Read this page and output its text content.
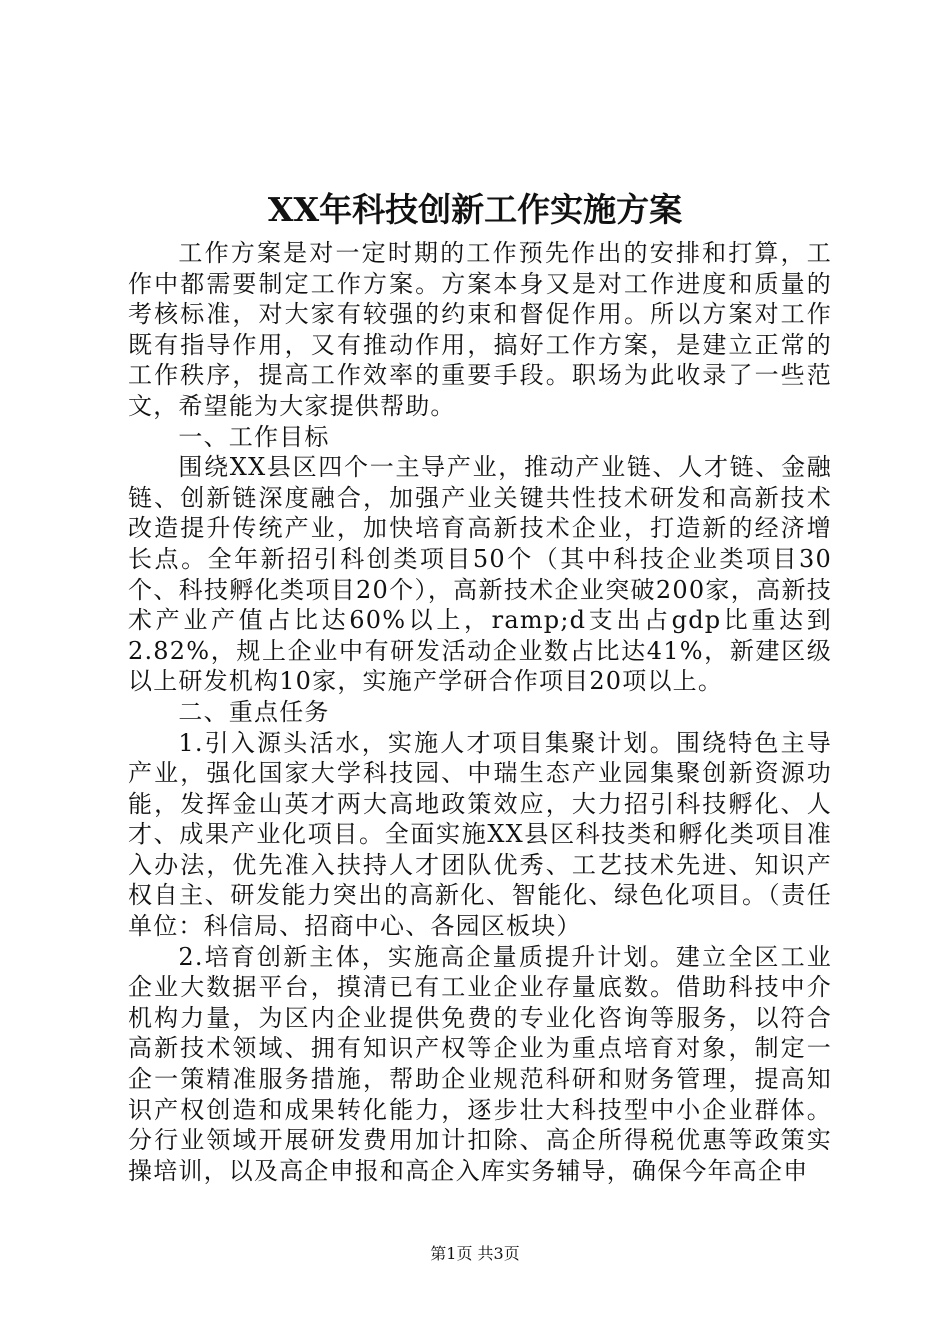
XX年科技创新工作实施方案

工作方案是对一定时期的工作预先作出的安排和打算，工作中都需要制定工作方案。方案本身又是对工作进度和质量的考核标准，对大家有较强的约束和督促作用。所以方案对工作既有指导作用，又有推动作用，搞好工作方案，是建立正常的工作秩序，提高工作效率的重要手段。职场为此收录了一些范文，希望能为大家提供帮助。

一、工作目标

围绕XX县区四个一主导产业，推动产业链、人才链、金融链、创新链深度融合，加强产业关键共性技术研发和高新技术改造提升传统产业，加快培育高新技术企业，打造新的经济增长点。全年新招引科创类项目50个（其中科技企业类项目30个、科技孵化类项目20个），高新技术企业突破200家，高新技术产业产值占比达60%以上，ramp;d支出占gdp比重达到2.82%，规上企业中有研发活动企业数占比达41%，新建区级以上研发机构10家，实施产学研合作项目20项以上。

二、重点任务

1.引入源头活水，实施人才项目集聚计划。围绕特色主导产业，强化国家大学科技园、中瑞生态产业园集聚创新资源功能，发挥金山英才两大高地政策效应，大力招引科技孵化、人才、成果产业化项目。全面实施XX县区科技类和孵化类项目准入办法，优先准入扶持人才团队优秀、工艺技术先进、知识产权自主、研发能力突出的高新化、智能化、绿色化项目。（责任单位：科信局、招商中心、各园区板块）

2.培育创新主体，实施高企量质提升计划。建立全区工业企业大数据平台，摸清已有工业企业存量底数。借助科技中介机构力量，为区内企业提供免费的专业化咨询等服务，以符合高新技术领域、拥有知识产权等企业为重点培育对象，制定一企一策精准服务措施，帮助企业规范科研和财务管理，提高知识产权创造和成果转化能力，逐步壮大科技型中小企业群体。分行业领域开展研发费用加计扣除、高企所得税优惠等政策实操培训，以及高企申报和高企入库实务辅导，确保今年高企申

第1页 共3页
